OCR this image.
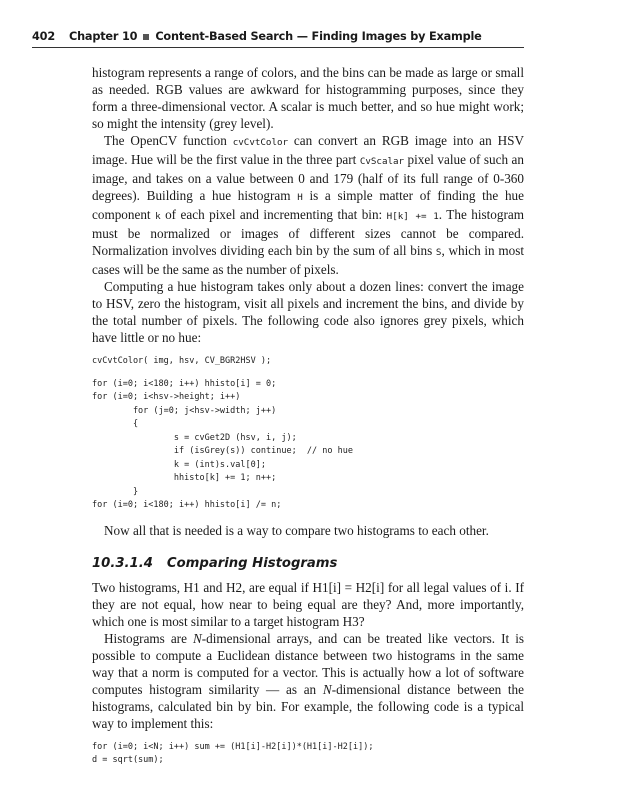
402 Chapter 10 Content-Based Search — Finding Images by Example

histogram represents a range of colors, and the bins can be made as large or small as needed. RGB values are awkward for histogramming purposes, since they form a three-dimensional vector. A scalar is much better, and so hue might work; so might the intensity (grey level).

The OpenCV function cvCvtColor can convert an RGB image into an HSV image. Hue will be the first value in the three part CvScalar pixel value of such an image, and takes on a value between 0 and 179 (half of its full range of 0-360 degrees). Building a hue histogram H is a simple matter of finding the hue component k of each pixel and incrementing that bin: H[k] += 1. The histogram must be normalized or images of different sizes cannot be compared. Normalization involves dividing each bin by the sum of all bins S, which in most cases will be the same as the number of pixels.

Computing a hue histogram takes only about a dozen lines: convert the image to HSV, zero the histogram, visit all pixels and increment the bins, and divide by the total number of pixels. The following code also ignores grey pixels, which have little or no hue:

cvCvtColor( img, hsv, CV_BGR2HSV );
for (i=0; i<180; i++) hhisto[i] = 0;
for (i=0; i<hsv->height; i++)
for (j=0; j<hsv->width; j++)
{
s = cvGet2D (hsv, i, j);
if (isGrey(s)) continue;  // no hue
k = (int)s.val[0];
hhisto[k] += 1; n++;
}
for (i=0; i<180; i++) hhisto[i] /= n;

Now all that is needed is a way to compare two histograms to each other.

10.3.1.4 Comparing Histograms

Two histograms, H1 and H2, are equal if H1[i] = H2[i] for all legal values of i. If they are not equal, how near to being equal are they? And, more importantly, which one is most similar to a target histogram H3?

Histograms are N-dimensional arrays, and can be treated like vectors. It is possible to compute a Euclidean distance between two histograms in the same way that a norm is computed for a vector. This is actually how a lot of software computes histogram similarity — as an N-dimensional distance between the histograms, calculated bin by bin. For example, the following code is a typical way to implement this:

for (i=0; i<N; i++) sum += (H1[i]-H2[i])*(H1[i]-H2[i]);
d = sqrt(sum);
